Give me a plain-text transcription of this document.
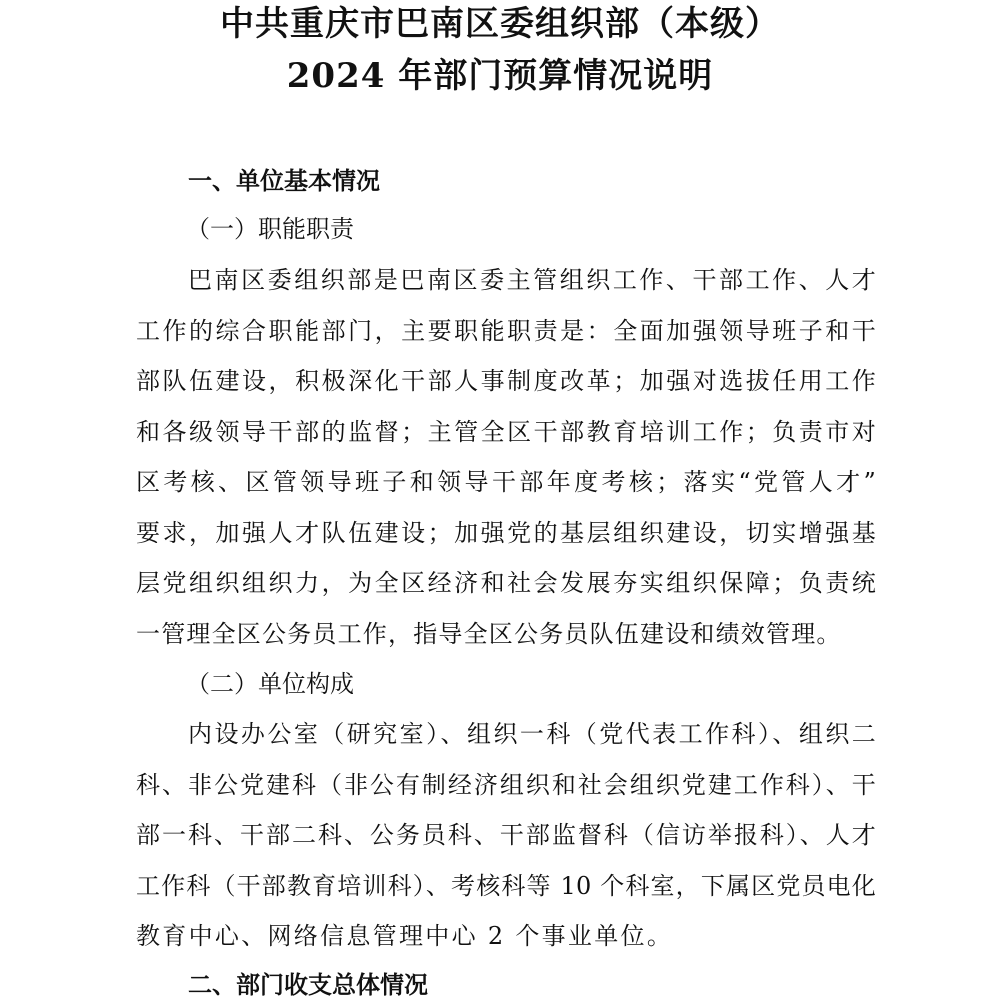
中共重庆市巴南区委组织部（本级）
2024 年部门预算情况说明
一、单位基本情况
（一）职能职责
巴南区委组织部是巴南区委主管组织工作、干部工作、人才
工作的综合职能部门，主要职能职责是：全面加强领导班子和干
部队伍建设，积极深化干部人事制度改革；加强对选拔任用工作
和各级领导干部的监督；主管全区干部教育培训工作；负责市对
区考核、区管领导班子和领导干部年度考核；落实“党管人才”
要求，加强人才队伍建设；加强党的基层组织建设，切实增强基
层党组织组织力，为全区经济和社会发展夯实组织保障；负责统
一管理全区公务员工作，指导全区公务员队伍建设和绩效管理。
（二）单位构成
内设办公室（研究室）、组织一科（党代表工作科）、组织二
科、非公党建科（非公有制经济组织和社会组织党建工作科）、干
部一科、干部二科、公务员科、干部监督科（信访举报科）、人才
工作科（干部教育培训科）、考核科等 10 个科室，下属区党员电化
教育中心、网络信息管理中心 2 个事业单位。
二、部门收支总体情况
